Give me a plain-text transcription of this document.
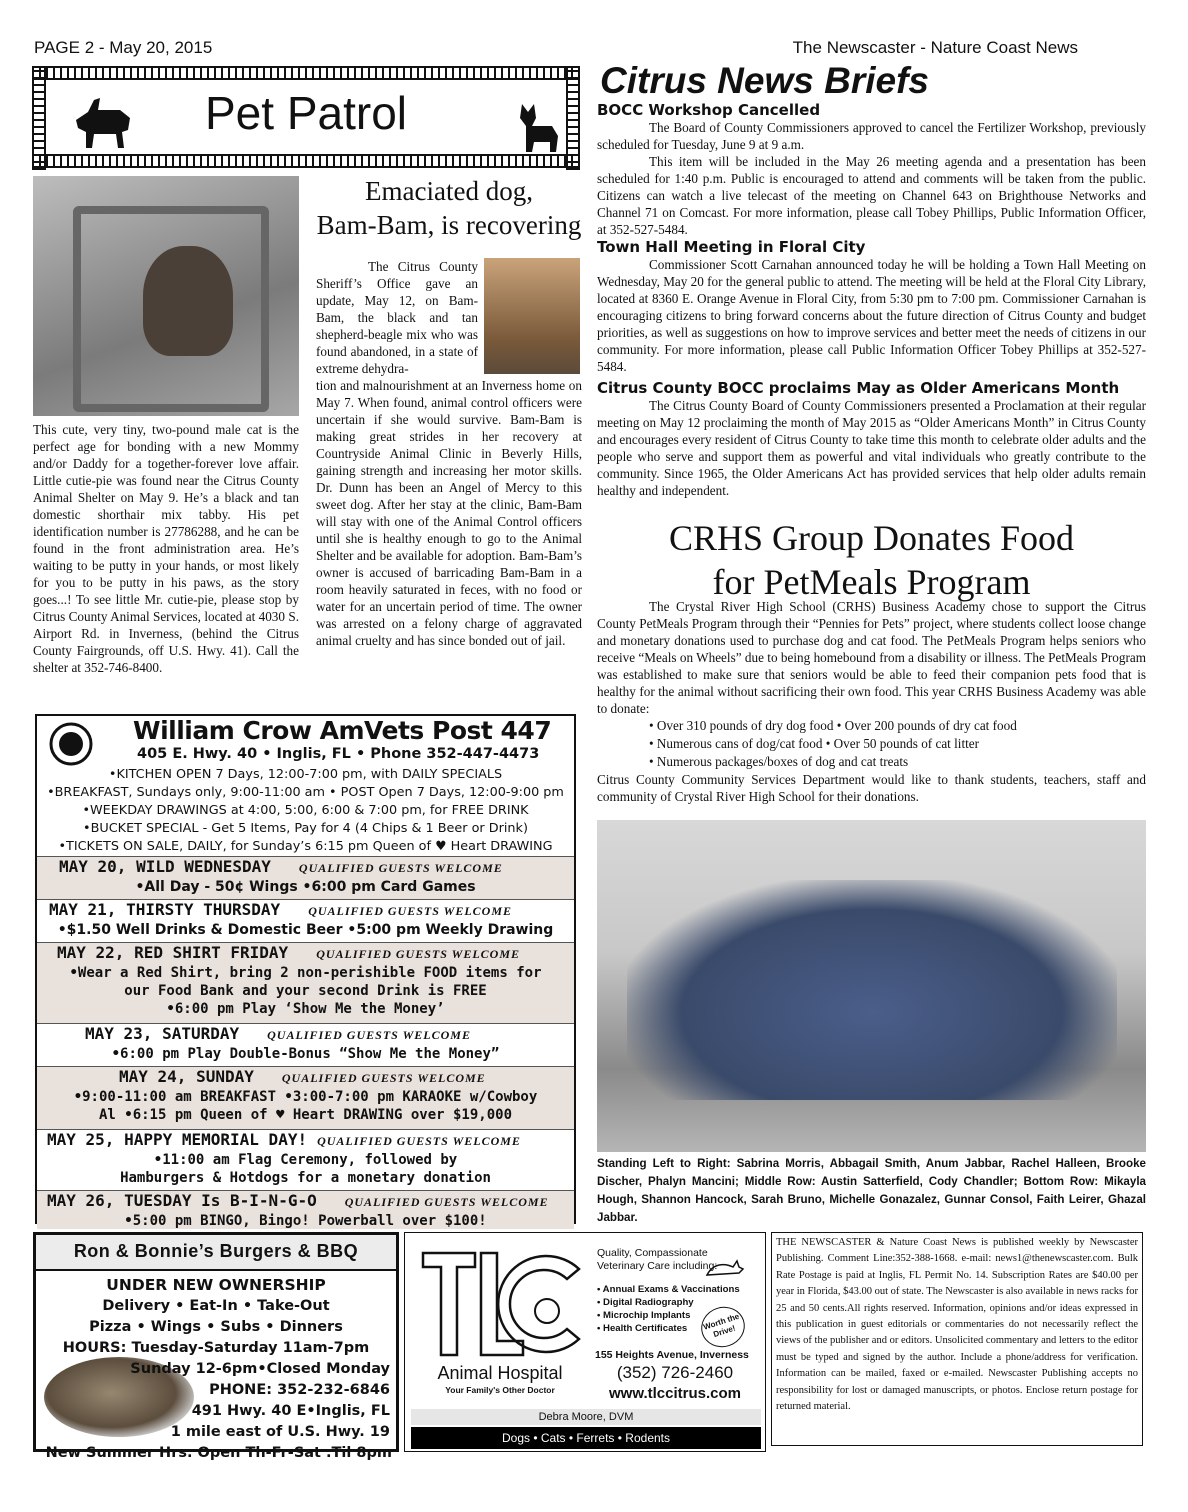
PAGE 2 - May 20, 2015	The Newscaster - Nature Coast News
Pet Patrol
This cute, very tiny, two-pound male cat is the perfect age for bonding with a new Mommy and/or Daddy for a together-forever love affair. Little cutie-pie was found near the Citrus County Animal Shelter on May 9. He’s a black and tan domestic shorthair mix tabby. His pet identification number is 27786288, and he can be found in the front administration area. He’s waiting to be putty in your hands, or most likely for you to be putty in his paws, as the story goes...! To see little Mr. cutie-pie, please stop by Citrus County Animal Services, located at 4030 S. Airport Rd. in Inverness, (behind the Citrus County Fairgrounds, off U.S. Hwy. 41). Call the shelter at 352-746-8400.
Emaciated dog,
Bam-Bam, is recovering
The Citrus County Sheriff’s Office gave an update, May 12, on Bam-Bam, the black and tan shepherd-beagle mix who was found abandoned, in a state of extreme dehydra-
tion and malnourishment at an Inverness home on May 7. When found, animal control officers were uncertain if she would survive. Bam-Bam is making great strides in her recovery at Countryside Animal Clinic in Beverly Hills, gaining strength and increasing her motor skills. Dr. Dunn has been an Angel of Mercy to this sweet dog. After her stay at the clinic, Bam-Bam will stay with one of the Animal Control officers until she is healthy enough to go to the Animal Shelter and be available for adoption. Bam-Bam’s owner is accused of barricading Bam-Bam in a room heavily saturated in feces, with no food or water for an uncertain period of time. The owner was arrested on a felony charge of aggravated animal cruelty and has since bonded out of jail.
Citrus News Briefs
BOCC Workshop Cancelled

The Board of County Commissioners approved to cancel the Fertilizer Workshop, previously scheduled for Tuesday, June 9 at 9 a.m.

This item will be included in the May 26 meeting agenda and a presentation has been scheduled for 1:40 p.m. Public is encouraged to attend and comments will be taken from the public. Citizens can watch a live telecast of the meeting on Channel 643 on Brighthouse Networks and Channel 71 on Comcast. For more information, please call Tobey Phillips, Public Information Officer, at 352-527-5484.

Town Hall Meeting in Floral City

Commissioner Scott Carnahan announced today he will be holding a Town Hall Meeting on Wednesday, May 20 for the general public to attend. The meeting will be held at the Floral City Library, located at 8360 E. Orange Avenue in Floral City, from 5:30 pm to 7:00 pm. Commissioner Carnahan is encouraging citizens to bring forward concerns about the future direction of Citrus County and budget priorities, as well as suggestions on how to improve services and better meet the needs of citizens in our community. For more information, please call Public Information Officer Tobey Phillips at 352-527-5484.

Citrus County BOCC proclaims May as Older Americans Month

The Citrus County Board of County Commissioners presented a Proclamation at their regular meeting on May 12 proclaiming the month of May 2015 as “Older Americans Month” in Citrus County and encourages every resident of Citrus County to take time this month to celebrate older adults and the people who serve and support them as powerful and vital individuals who greatly contribute to the community. Since 1965, the Older Americans Act has provided services that help older adults remain healthy and independent.

CRHS Group Donates Food
for PetMeals Program

The Crystal River High School (CRHS) Business Academy chose to support the Citrus County PetMeals Program through their “Pennies for Pets” project, where students collect loose change and monetary donations used to purchase dog and cat food. The PetMeals Program helps seniors who receive “Meals on Wheels” due to being homebound from a disability or illness. The PetMeals Program was established to make sure that seniors would be able to feed their companion pets food that is healthy for the animal without sacrificing their own food. This year CRHS Business Academy was able to donate:

• Over 310 pounds of dry dog food • Over 200 pounds of dry cat food
• Numerous cans of dog/cat food • Over 50 pounds of cat litter
• Numerous packages/boxes of dog and cat treats

Citrus County Community Services Department would like to thank students, teachers, staff and community of Crystal River High School for their donations.

Standing Left to Right: Sabrina Morris, Abbagail Smith, Anum Jabbar, Rachel Halleen, Brooke Discher, Phalyn Mancini; Middle Row: Austin Satterfield, Cody Chandler; Bottom Row: Mikayla Hough, Shannon Hancock, Sarah Bruno, Michelle Gonazalez, Gunnar Consol, Faith Leirer, Ghazal Jabbar.
William Crow AmVets Post 447
405 E. Hwy. 40 • Inglis, FL • Phone 352-447-4473
•KITCHEN OPEN 7 Days, 12:00-7:00 pm, with DAILY SPECIALS
•BREAKFAST, Sundays only, 9:00-11:00 am • POST Open 7 Days, 12:00-9:00 pm
•WEEKDAY DRAWINGS at 4:00, 5:00, 6:00 & 7:00 pm, for FREE DRINK
•BUCKET SPECIAL - Get 5 Items, Pay for 4 (4 Chips & 1 Beer or Drink)
•TICKETS ON SALE, DAILY, for Sunday’s 6:15 pm Queen of ♥ Heart DRAWING
MAY 20, WILD WEDNESDAY QUALIFIED GUESTS WELCOME
•All Day - 50¢ Wings •6:00 pm Card Games
MAY 21, THIRSTY THURSDAY QUALIFIED GUESTS WELCOME
•$1.50 Well Drinks & Domestic Beer •5:00 pm Weekly Drawing
MAY 22, RED SHIRT FRIDAY QUALIFIED GUESTS WELCOME
•Wear a Red Shirt, bring 2 non-perishible FOOD items for
our Food Bank and your second Drink is FREE
•6:00 pm Play ‘Show Me the Money’
MAY 23, SATURDAY QUALIFIED GUESTS WELCOME
•6:00 pm Play Double-Bonus “Show Me the Money”
MAY 24, SUNDAY QUALIFIED GUESTS WELCOME
•9:00-11:00 am BREAKFAST •3:00-7:00 pm KARAOKE w/Cowboy
Al •6:15 pm Queen of ♥ Heart DRAWING over $19,000
MAY 25, HAPPY MEMORIAL DAY! QUALIFIED GUESTS WELCOME
•11:00 am Flag Ceremony, followed by
Hamburgers & Hotdogs for a monetary donation
MAY 26, TUESDAY Is B-I-N-G-O QUALIFIED GUESTS WELCOME
•5:00 pm BINGO, Bingo! Powerball over $100!
Ron & Bonnie’s Burgers & BBQ
UNDER NEW OWNERSHIP
Delivery • Eat-In • Take-Out
Pizza • Wings • Subs • Dinners
HOURS: Tuesday-Saturday 11am-7pm
Sunday 12-6pm•Closed Monday
PHONE: 352-232-6846
491 Hwy. 40 E•Inglis, FL
1 mile east of U.S. Hwy. 19
New Summer Hrs. Open Th-Fr-Sat .Til 8pm
Animal Hospital
Your Family's Other Doctor
Quality, Compassionate Veterinary Care including:
• Annual Exams & Vaccinations
• Digital Radiography
• Microchip Implants
• Health Certificates	Worth the Drive!
155 Heights Avenue, Inverness
(352) 726-2460
www.tlccitrus.com
Debra Moore, DVM
Dogs • Cats • Ferrets • Rodents

THE NEWSCASTER & Nature Coast News is published weekly by Newscaster Publishing. Comment Line:352-388-1668. e-mail: news1@thenewscaster.com. Bulk Rate Postage is paid at Inglis, FL Permit No. 14. Subscription Rates are $40.00 per year in Florida, $43.00 out of state. The Newscaster is also available in news racks for 25 and 50 cents.All rights reserved. Information, opinions and/or ideas expressed in this publication in guest editorials or commentaries do not necessarily reflect the views of the publisher and or editors. Unsolicited commentary and letters to the editor must be typed and signed by the author. Include a phone/address for verification. Information can be mailed, faxed or e-mailed. Newscaster Publishing accepts no responsibility for lost or damaged manuscripts, or photos. Enclose return postage for returned material.
